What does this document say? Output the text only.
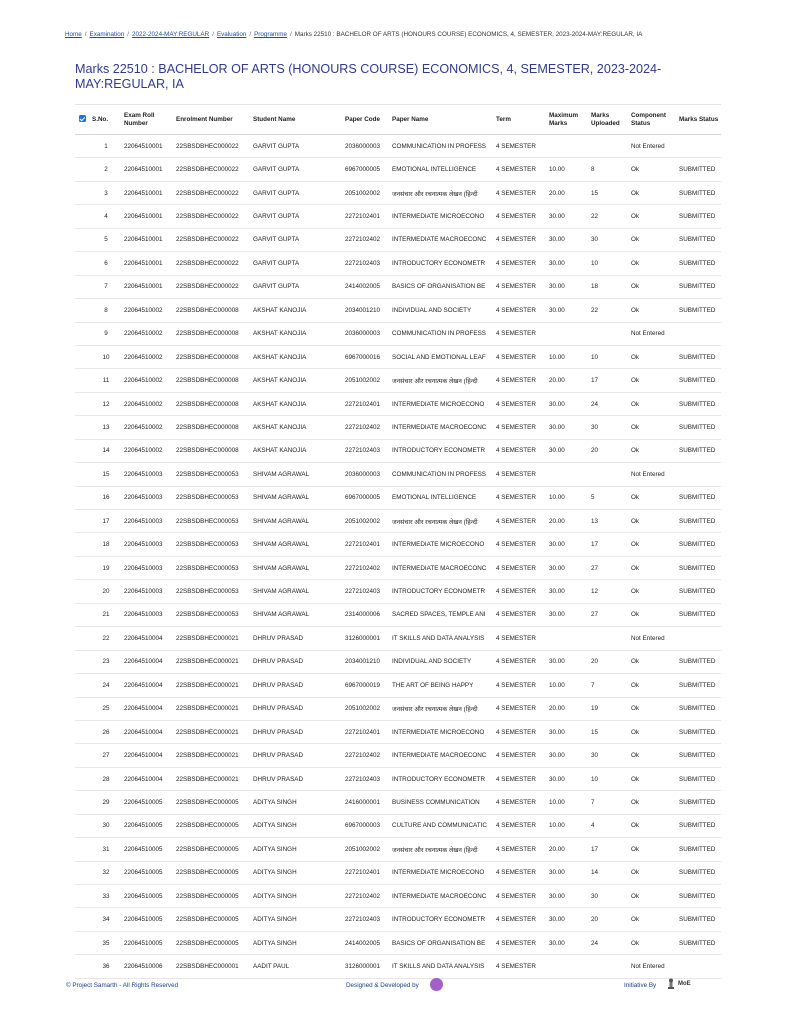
Home / Examination / 2022-2024-MAY:REGULAR / Evaluation / Programme / Marks 22510 : BACHELOR OF ARTS (HONOURS COURSE) ECONOMICS, 4, SEMESTER, 2023-2024-MAY:REGULAR, IA
Marks 22510 : BACHELOR OF ARTS (HONOURS COURSE) ECONOMICS, 4, SEMESTER, 2023-2024-MAY:REGULAR, IA
	S.No.	Exam Roll Number	Enrolment Number	Student Name	Paper Code	Paper Name	Term	Maximum Marks	Marks Uploaded	Component Status	Marks Status
	1	22064510001	22SBSDBHEC000022	GARVIT GUPTA	2036000003	COMMUNICATION IN PROFESS	4 SEMESTER			Not Entered	
	2	22064510001	22SBSDBHEC000022	GARVIT GUPTA	6967000005	EMOTIONAL INTELLIGENCE	4 SEMESTER	10.00	8	Ok	SUBMITTED
	3	22064510001	22SBSDBHEC000022	GARVIT GUPTA	2051002002	जनसंचार और रचनात्मक लेखन (हिन्दी	4 SEMESTER	20.00	15	Ok	SUBMITTED
	4	22064510001	22SBSDBHEC000022	GARVIT GUPTA	2272102401	INTERMEDIATE MICROECONO	4 SEMESTER	30.00	22	Ok	SUBMITTED
	5	22064510001	22SBSDBHEC000022	GARVIT GUPTA	2272102402	INTERMEDIATE MACROECONC	4 SEMESTER	30.00	30	Ok	SUBMITTED
	6	22064510001	22SBSDBHEC000022	GARVIT GUPTA	2272102403	INTRODUCTORY ECONOMETR	4 SEMESTER	30.00	10	Ok	SUBMITTED
	7	22064510001	22SBSDBHEC000022	GARVIT GUPTA	2414002005	BASICS OF ORGANISATION BE	4 SEMESTER	30.00	18	Ok	SUBMITTED
	8	22064510002	22SBSDBHEC000008	AKSHAT KANOJIA	2034001210	INDIVIDUAL AND SOCIETY	4 SEMESTER	30.00	22	Ok	SUBMITTED
	9	22064510002	22SBSDBHEC000008	AKSHAT KANOJIA	2036000003	COMMUNICATION IN PROFESS	4 SEMESTER			Not Entered	
	10	22064510002	22SBSDBHEC000008	AKSHAT KANOJIA	6967000016	SOCIAL AND EMOTIONAL LEAF	4 SEMESTER	10.00	10	Ok	SUBMITTED
	11	22064510002	22SBSDBHEC000008	AKSHAT KANOJIA	2051002002	जनसंचार और रचनात्मक लेखन (हिन्दी	4 SEMESTER	20.00	17	Ok	SUBMITTED
	12	22064510002	22SBSDBHEC000008	AKSHAT KANOJIA	2272102401	INTERMEDIATE MICROECONO	4 SEMESTER	30.00	24	Ok	SUBMITTED
	13	22064510002	22SBSDBHEC000008	AKSHAT KANOJIA	2272102402	INTERMEDIATE MACROECONC	4 SEMESTER	30.00	30	Ok	SUBMITTED
	14	22064510002	22SBSDBHEC000008	AKSHAT KANOJIA	2272102403	INTRODUCTORY ECONOMETR	4 SEMESTER	30.00	20	Ok	SUBMITTED
	15	22064510003	22SBSDBHEC000053	SHIVAM AGRAWAL	2036000003	COMMUNICATION IN PROFESS	4 SEMESTER			Not Entered	
	16	22064510003	22SBSDBHEC000053	SHIVAM AGRAWAL	6967000005	EMOTIONAL INTELLIGENCE	4 SEMESTER	10.00	5	Ok	SUBMITTED
	17	22064510003	22SBSDBHEC000053	SHIVAM AGRAWAL	2051002002	जनसंचार और रचनात्मक लेखन (हिन्दी	4 SEMESTER	20.00	13	Ok	SUBMITTED
	18	22064510003	22SBSDBHEC000053	SHIVAM AGRAWAL	2272102401	INTERMEDIATE MICROECONO	4 SEMESTER	30.00	17	Ok	SUBMITTED
	19	22064510003	22SBSDBHEC000053	SHIVAM AGRAWAL	2272102402	INTERMEDIATE MACROECONC	4 SEMESTER	30.00	27	Ok	SUBMITTED
	20	22064510003	22SBSDBHEC000053	SHIVAM AGRAWAL	2272102403	INTRODUCTORY ECONOMETR	4 SEMESTER	30.00	12	Ok	SUBMITTED
	21	22064510003	22SBSDBHEC000053	SHIVAM AGRAWAL	2314000006	SACRED SPACES, TEMPLE ANI	4 SEMESTER	30.00	27	Ok	SUBMITTED
	22	22064510004	22SBSDBHEC000021	DHRUV PRASAD	3126000001	IT SKILLS AND DATA ANALYSIS	4 SEMESTER			Not Entered	
	23	22064510004	22SBSDBHEC000021	DHRUV PRASAD	2034001210	INDIVIDUAL AND SOCIETY	4 SEMESTER	30.00	20	Ok	SUBMITTED
	24	22064510004	22SBSDBHEC000021	DHRUV PRASAD	6967000019	THE ART OF BEING HAPPY	4 SEMESTER	10.00	7	Ok	SUBMITTED
	25	22064510004	22SBSDBHEC000021	DHRUV PRASAD	2051002002	जनसंचार और रचनात्मक लेखन (हिन्दी	4 SEMESTER	20.00	19	Ok	SUBMITTED
	26	22064510004	22SBSDBHEC000021	DHRUV PRASAD	2272102401	INTERMEDIATE MICROECONO	4 SEMESTER	30.00	15	Ok	SUBMITTED
	27	22064510004	22SBSDBHEC000021	DHRUV PRASAD	2272102402	INTERMEDIATE MACROECONC	4 SEMESTER	30.00	30	Ok	SUBMITTED
	28	22064510004	22SBSDBHEC000021	DHRUV PRASAD	2272102403	INTRODUCTORY ECONOMETR	4 SEMESTER	30.00	10	Ok	SUBMITTED
	29	22064510005	22SBSDBHEC000005	ADITYA SINGH	2416000001	BUSINESS COMMUNICATION	4 SEMESTER	10.00	7	Ok	SUBMITTED
	30	22064510005	22SBSDBHEC000005	ADITYA SINGH	6967000003	CULTURE AND COMMUNICATIC	4 SEMESTER	10.00	4	Ok	SUBMITTED
	31	22064510005	22SBSDBHEC000005	ADITYA SINGH	2051002002	जनसंचार और रचनात्मक लेखन (हिन्दी	4 SEMESTER	20.00	17	Ok	SUBMITTED
	32	22064510005	22SBSDBHEC000005	ADITYA SINGH	2272102401	INTERMEDIATE MICROECONO	4 SEMESTER	30.00	14	Ok	SUBMITTED
	33	22064510005	22SBSDBHEC000005	ADITYA SINGH	2272102402	INTERMEDIATE MACROECONC	4 SEMESTER	30.00	30	Ok	SUBMITTED
	34	22064510005	22SBSDBHEC000005	ADITYA SINGH	2272102403	INTRODUCTORY ECONOMETR	4 SEMESTER	30.00	20	Ok	SUBMITTED
	35	22064510005	22SBSDBHEC000005	ADITYA SINGH	2414002005	BASICS OF ORGANISATION BE	4 SEMESTER	30.00	24	Ok	SUBMITTED
	36	22064510006	22SBSDBHEC000001	AADIT PAUL	3126000001	IT SKILLS AND DATA ANALYSIS	4 SEMESTER			Not Entered	
© Project Samarth - All Rights Reserved	Designed & Developed by	Initiative By	MoE
